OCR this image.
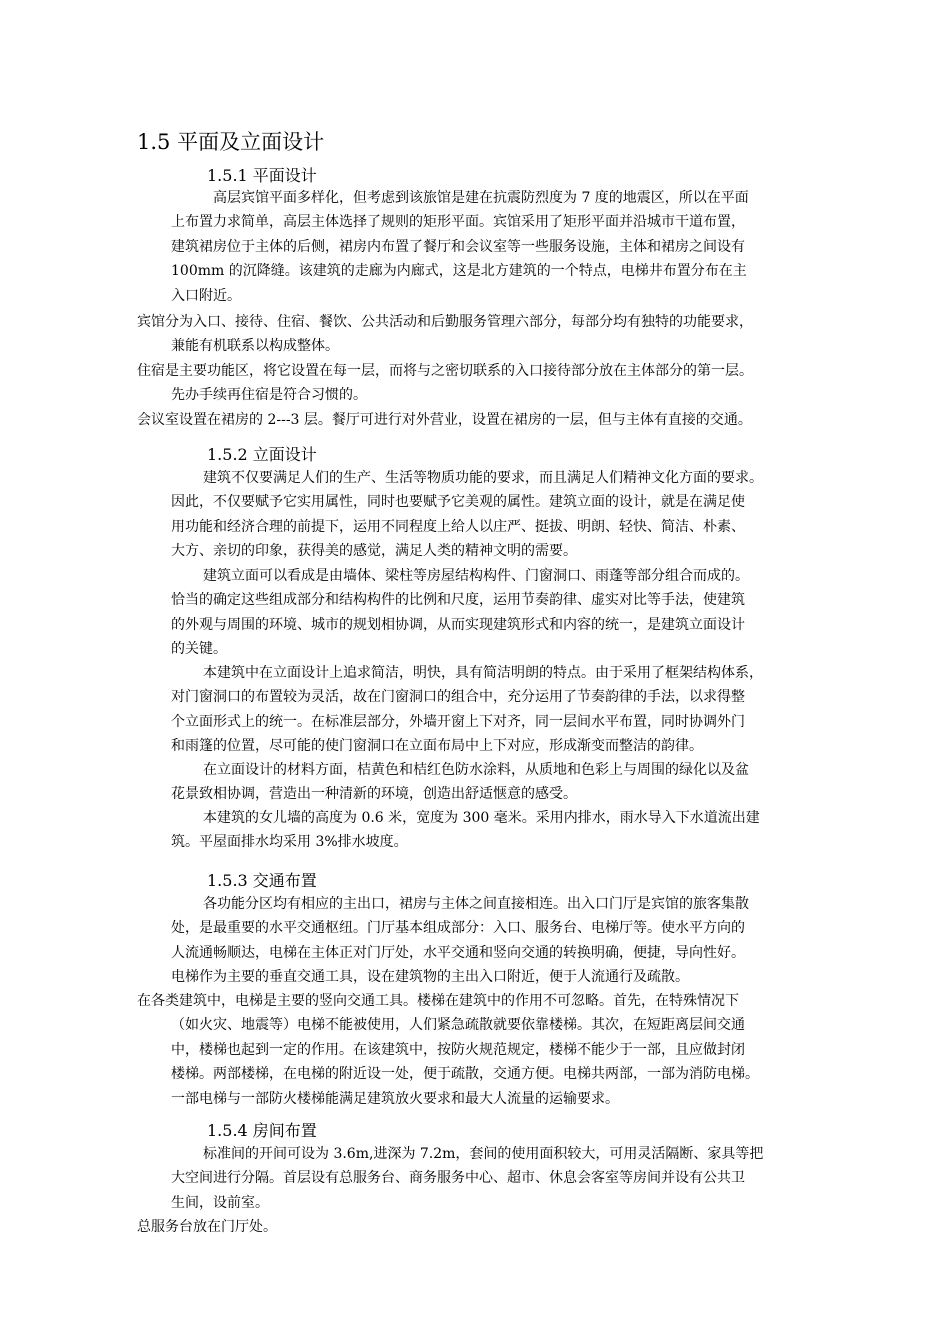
1.5 平面及立面设计
1.5.1 平面设计
高层宾馆平面多样化，但考虑到该旅馆是建在抗震防烈度为 7 度的地震区，所以在平面
上布置力求简单，高层主体选择了规则的矩形平面。宾馆采用了矩形平面并沿城市干道布置，
建筑裙房位于主体的后侧，裙房内布置了餐厅和会议室等一些服务设施，主体和裙房之间设有
100mm 的沉降缝。该建筑的走廊为内廊式，这是北方建筑的一个特点，电梯井布置分布在主
入口附近。
宾馆分为入口、接待、住宿、餐饮、公共活动和后勤服务管理六部分，每部分均有独特的功能要求，
兼能有机联系以构成整体。
住宿是主要功能区，将它设置在每一层，而将与之密切联系的入口接待部分放在主体部分的第一层。
先办手续再住宿是符合习惯的。
会议室设置在裙房的 2---3 层。餐厅可进行对外营业，设置在裙房的一层，但与主体有直接的交通。
1.5.2 立面设计
建筑不仅要满足人们的生产、生活等物质功能的要求，而且满足人们精神文化方面的要求。
因此，不仅要赋予它实用属性，同时也要赋予它美观的属性。建筑立面的设计，就是在满足使
用功能和经济合理的前提下，运用不同程度上给人以庄严、挺拔、明朗、轻快、简洁、朴素、
大方、亲切的印象，获得美的感觉，满足人类的精神文明的需要。
建筑立面可以看成是由墙体、梁柱等房屋结构构件、门窗洞口、雨蓬等部分组合而成的。
恰当的确定这些组成部分和结构构件的比例和尺度，运用节奏韵律、虚实对比等手法，使建筑
的外观与周围的环境、城市的规划相协调，从而实现建筑形式和内容的统一，是建筑立面设计
的关键。
本建筑中在立面设计上追求简洁，明快，具有简洁明朗的特点。由于采用了框架结构体系，
对门窗洞口的布置较为灵活，故在门窗洞口的组合中，充分运用了节奏韵律的手法，以求得整
个立面形式上的统一。在标准层部分，外墙开窗上下对齐，同一层间水平布置，同时协调外门
和雨篷的位置，尽可能的使门窗洞口在立面布局中上下对应，形成渐变而整洁的韵律。
在立面设计的材料方面，桔黄色和桔红色防水涂料，从质地和色彩上与周围的绿化以及盆
花景致相协调，营造出一种清新的环境，创造出舒适惬意的感受。
本建筑的女儿墙的高度为 0.6 米，宽度为 300 毫米。采用内排水，雨水导入下水道流出建
筑。平屋面排水均采用 3%排水坡度。
1.5.3 交通布置
各功能分区均有相应的主出口，裙房与主体之间直接相连。出入口门厅是宾馆的旅客集散
处，是最重要的水平交通枢纽。门厅基本组成部分：入口、服务台、电梯厅等。使水平方向的
人流通畅顺达，电梯在主体正对门厅处，水平交通和竖向交通的转换明确，便捷，导向性好。
电梯作为主要的垂直交通工具，设在建筑物的主出入口附近，便于人流通行及疏散。
在各类建筑中，电梯是主要的竖向交通工具。楼梯在建筑中的作用不可忽略。首先，在特殊情况下
（如火灾、地震等）电梯不能被使用，人们紧急疏散就要依靠楼梯。其次，在短距离层间交通
中，楼梯也起到一定的作用。在该建筑中，按防火规范规定，楼梯不能少于一部，且应做封闭
楼梯。两部楼梯，在电梯的附近设一处，便于疏散，交通方便。电梯共两部，一部为消防电梯。
一部电梯与一部防火楼梯能满足建筑放火要求和最大人流量的运输要求。
1.5.4 房间布置
标准间的开间可设为 3.6m,进深为 7.2m，套间的使用面积较大，可用灵活隔断、家具等把
大空间进行分隔。首层设有总服务台、商务服务中心、超市、休息会客室等房间并设有公共卫
生间，设前室。
总服务台放在门厅处。
